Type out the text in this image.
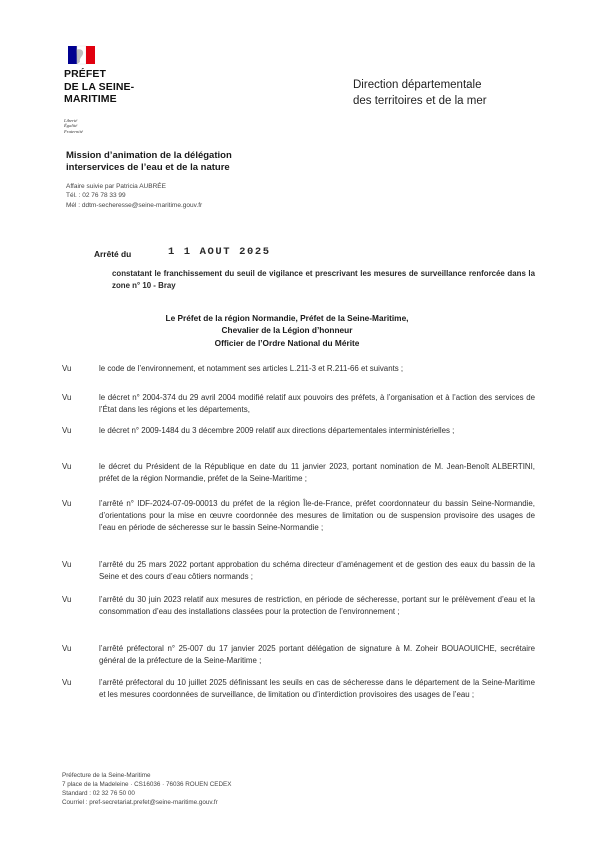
PRÉFET
DE LA SEINE-
MARITIME
Liberté
Égalité
Fraternité
Direction départementale
des territoires et de la mer
Mission d’animation de la délégation
interservices de l’eau et de la nature
Affaire suivie par Patricia AUBRÉE
Tél. : 02 76 78 33 99
Mél : ddtm-secheresse@seine-maritime.gouv.fr
Arrêté du	1 1 AOUT 2025
constatant le franchissement du seuil de vigilance et prescrivant les mesures de surveillance renforcée dans la zone n° 10 - Bray
Le Préfet de la région Normandie, Préfet de la Seine-Maritime,
Chevalier de la Légion d’honneur
Officier de l’Ordre National du Mérite
Vu	le code de l’environnement, et notamment ses articles L.211-3 et R.211-66 et suivants ;
Vu	le décret n° 2004-374 du 29 avril 2004 modifié relatif aux pouvoirs des préfets, à l’organisation et à l’action des services de l’État dans les régions et les départements,
Vu	le décret n° 2009-1484 du 3 décembre 2009 relatif aux directions départementales interministérielles ;
Vu	le décret du Président de la République en date du 11 janvier 2023, portant nomination de M. Jean-Benoît ALBERTINI, préfet de la région Normandie, préfet de la Seine-Maritime ;
Vu	l’arrêté n° IDF-2024-07-09-00013 du préfet de la région Île-de-France, préfet coordonnateur du bassin Seine-Normandie, d’orientations pour la mise en œuvre coordonnée des mesures de limitation ou de suspension provisoire des usages de l’eau en période de sécheresse sur le bassin Seine-Normandie ;
Vu	l’arrêté du 25 mars 2022 portant approbation du schéma directeur d’aménagement et de gestion des eaux du bassin de la Seine et des cours d’eau côtiers normands ;
Vu	l’arrêté du 30 juin 2023 relatif aux mesures de restriction, en période de sécheresse, portant sur le prélèvement d’eau et la consommation d’eau des installations classées pour la protection de l’environnement ;
Vu	l’arrêté préfectoral n° 25-007 du 17 janvier 2025 portant délégation de signature à M. Zoheir BOUAOUICHE, secrétaire général de la préfecture de la Seine-Maritime ;
Vu	l’arrêté préfectoral du 10 juillet 2025 définissant les seuils en cas de sécheresse dans le département de la Seine-Maritime et les mesures coordonnées de surveillance, de limitation ou d’interdiction provisoires des usages de l’eau ;
Préfecture de la Seine-Maritime
7 place de la Madeleine · CS16036 · 76036 ROUEN CEDEX
Standard : 02 32 76 50 00
Courriel : pref-secretariat.prefet@seine-maritime.gouv.fr
